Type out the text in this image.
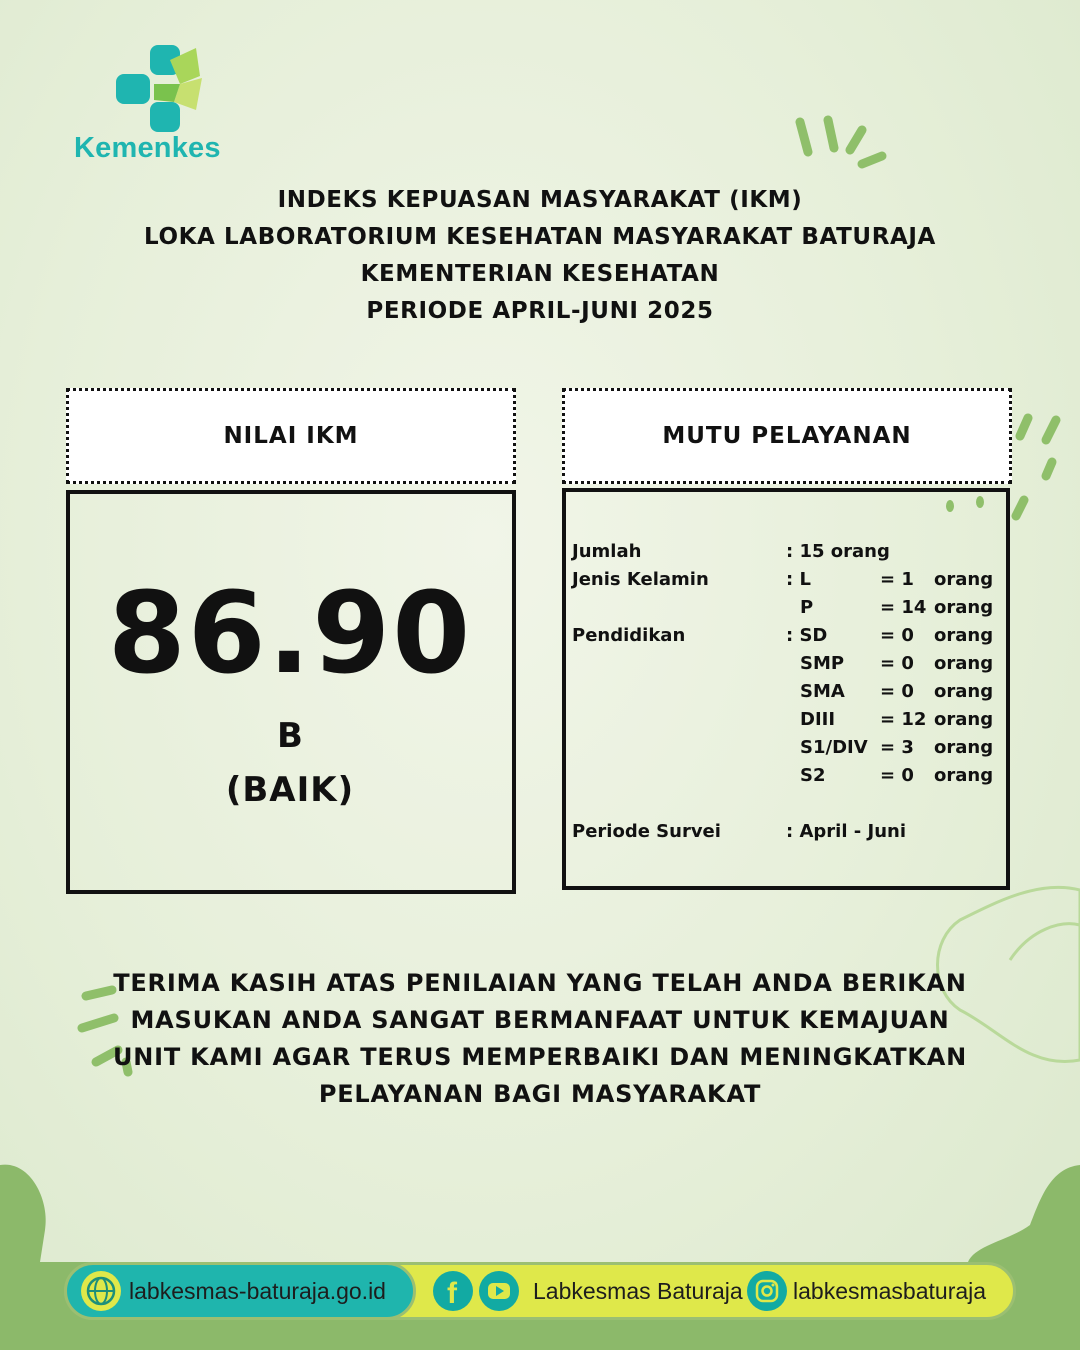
Kemenkes
INDEKS KEPUASAN MASYARAKAT (IKM)
LOKA LABORATORIUM KESEHATAN MASYARAKAT BATURAJA
KEMENTERIAN KESEHATAN
PERIODE APRIL-JUNI 2025
NILAI IKM
86.90
B
(BAIK)
MUTU PELAYANAN
Jumlah	: 15 orang
Jenis Kelamin	: L	= 1 orang
P	= 14 orang
Pendidikan	: SD	= 0 orang
SMP = 0 orang
SMA = 0 orang
DIII = 12 orang
S1/DIV = 3 orang
S2	= 0 orang
Periode Survei	: April - Juni
TERIMA KASIH ATAS PENILAIAN YANG TELAH ANDA BERIKAN
MASUKAN ANDA SANGAT BERMANFAAT UNTUK KEMAJUAN
UNIT KAMI AGAR TERUS MEMPERBAIKI DAN MENINGKATKAN
PELAYANAN BAGI MASYARAKAT
labkesmas-baturaja.go.id f	Labkesmas Baturaja labkesmasbaturaja
